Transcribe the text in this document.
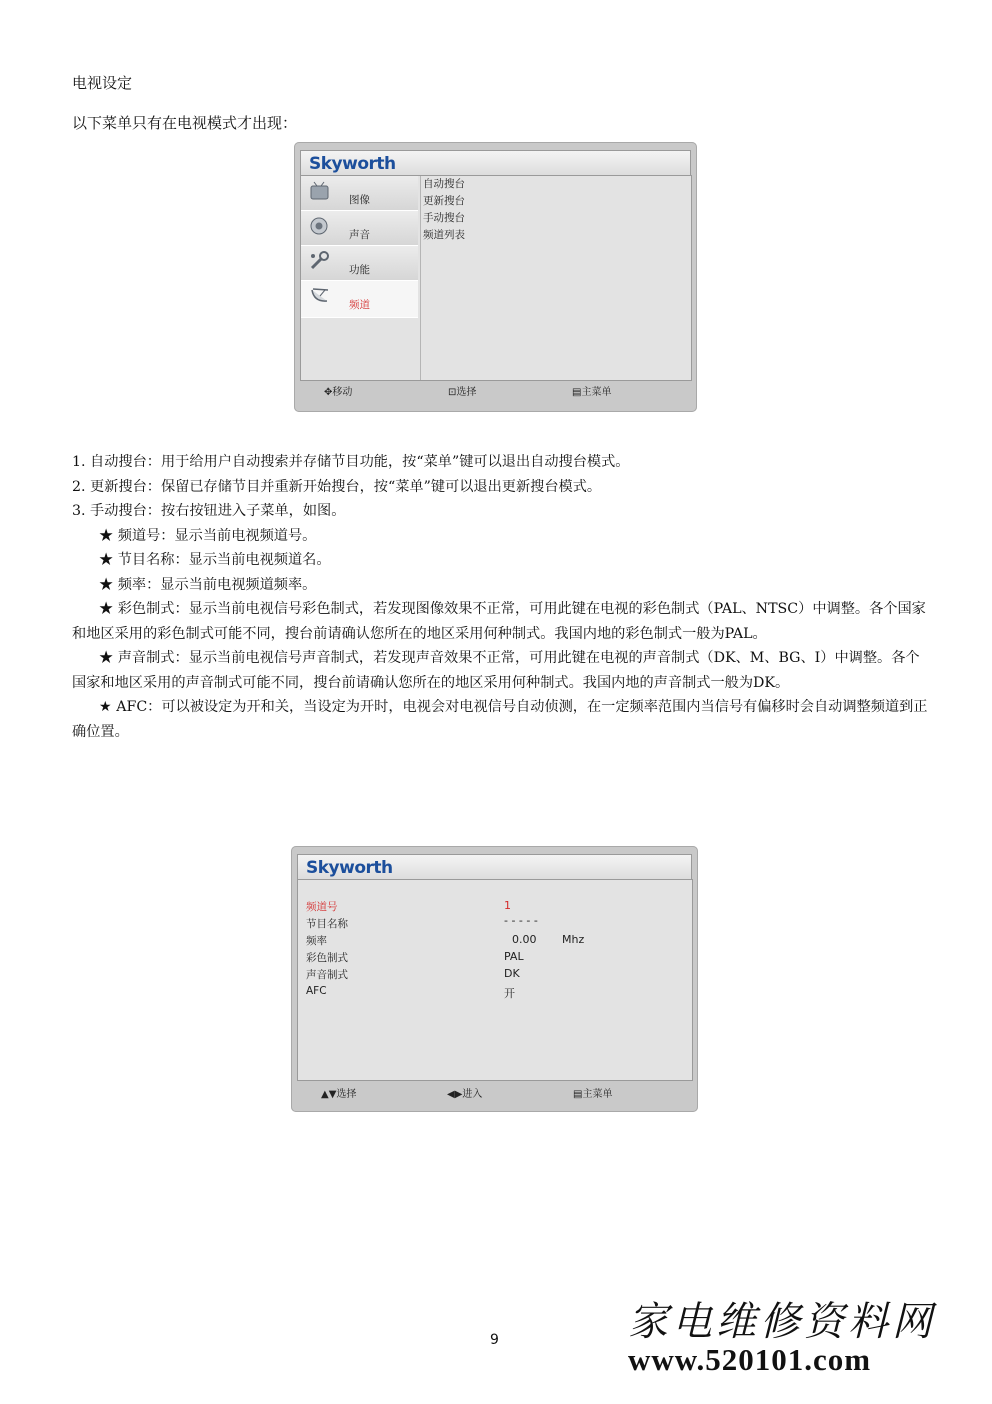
电视设定
以下菜单只有在电视模式才出现：
Skyworth
图像
声音
功能
频道
自动搜台
更新搜台
手动搜台
频道列表
✥移动	⊡选择	▤主菜单

1. 自动搜台：用于给用户自动搜索并存储节目功能，按“菜单”键可以退出自动搜台模式。

2. 更新搜台：保留已存储节目并重新开始搜台，按“菜单”键可以退出更新搜台模式。

3. 手动搜台：按右按钮进入子菜单，如图。

★ 频道号：显示当前电视频道号。

★ 节目名称：显示当前电视频道名。

★ 频率：显示当前电视频道频率。

★ 彩色制式：显示当前电视信号彩色制式，若发现图像效果不正常，可用此键在电视的彩色制式（PAL、NTSC）中调整。各个国家和地区采用的彩色制式可能不同，搜台前请确认您所在的地区采用何种制式。我国内地的彩色制式一般为PAL。

★ 声音制式：显示当前电视信号声音制式，若发现声音效果不正常，可用此键在电视的声音制式（DK、M、BG、I）中调整。各个国家和地区采用的声音制式可能不同，搜台前请确认您所在的地区采用何种制式。我国内地的声音制式一般为DK。

★ AFC：可以被设定为开和关，当设定为开时，电视会对电视信号自动侦测，在一定频率范围内当信号有偏移时会自动调整频道到正确位置。

Skyworth
频道号	1
节目名称	- - - - -
频率	0.00 Mhz
彩色制式	PAL
声音制式	DK
AFC	开
▲▼选择	◀▶进入	▤主菜单
9	家电维修资料网
www.520101.com
